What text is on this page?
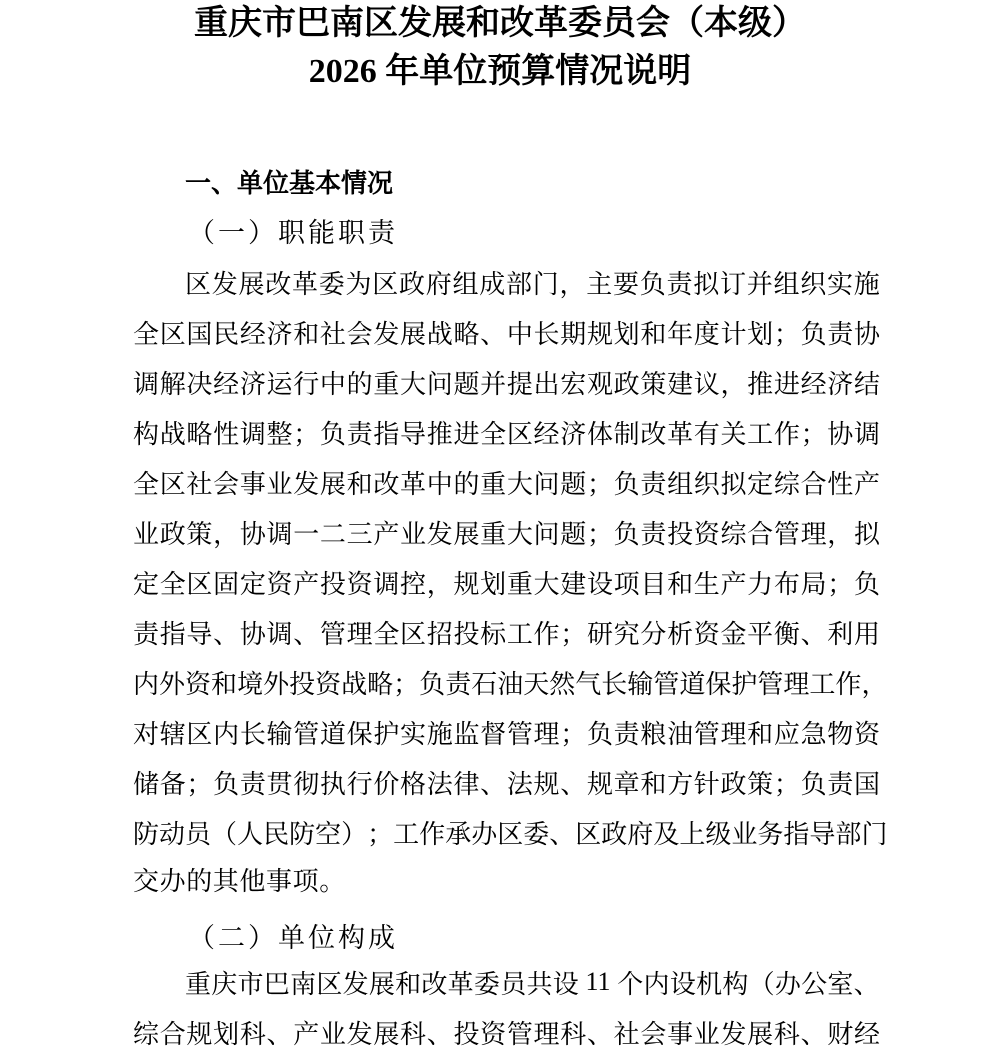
重庆市巴南区发展和改革委员会（本级）
2026 年单位预算情况说明
一、单位基本情况
（一）职能职责
区 发 展 改 革 委 为 区 政 府 组 成 部 门 ， 主 要 负 责 拟 订 并 组 织 实 施
全 区 国 民 经 济 和 社 会 发 展 战 略 、 中 长 期 规 划 和 年 度 计 划 ； 负 责 协
调 解 决 经 济 运 行 中 的 重 大 问 题 并 提 出 宏 观 政 策 建 议 ， 推 进 经 济 结
构 战 略 性 调 整 ； 负 责 指 导 推 进 全 区 经 济 体 制 改 革 有 关 工 作 ； 协 调
全 区 社 会 事 业 发 展 和 改 革 中 的 重 大 问 题 ； 负 责 组 织 拟 定 综 合 性 产
业 政 策 ， 协 调 一 二 三 产 业 发 展 重 大 问 题 ； 负 责 投 资 综 合 管 理 ， 拟
定 全 区 固 定 资 产 投 资 调 控 ， 规 划 重 大 建 设 项 目 和 生 产 力 布 局 ； 负
责 指 导 、 协 调 、 管 理 全 区 招 投 标 工 作 ； 研 究 分 析 资 金 平 衡 、 利 用
内 外 资 和 境 外 投 资 战 略 ； 负 责 石 油 天 然 气 长 输 管 道 保 护 管 理 工 作 ，
对 辖 区 内 长 输 管 道 保 护 实 施 监 督 管 理 ； 负 责 粮 油 管 理 和 应 急 物 资
储 备 ； 负 责 贯 彻 执 行 价 格 法 律 、 法 规 、 规 章 和 方 针 政 策 ； 负 责 国
防 动 员 （ 人 民 防 空 ） ； 工 作 承 办 区 委 、 区 政 府 及 上 级 业 务 指 导 部 门
交办的其他事项。
（二）单位构成
重 庆 市 巴 南 区 发 展 和 改 革 委 员 共 设 11 个 内 设 机 构 （ 办 公 室 、
综 合 规 划 科 、 产 业 发 展 科 、 投 资 管 理 科 、 社 会 事 业 发 展 科 、 财 经
